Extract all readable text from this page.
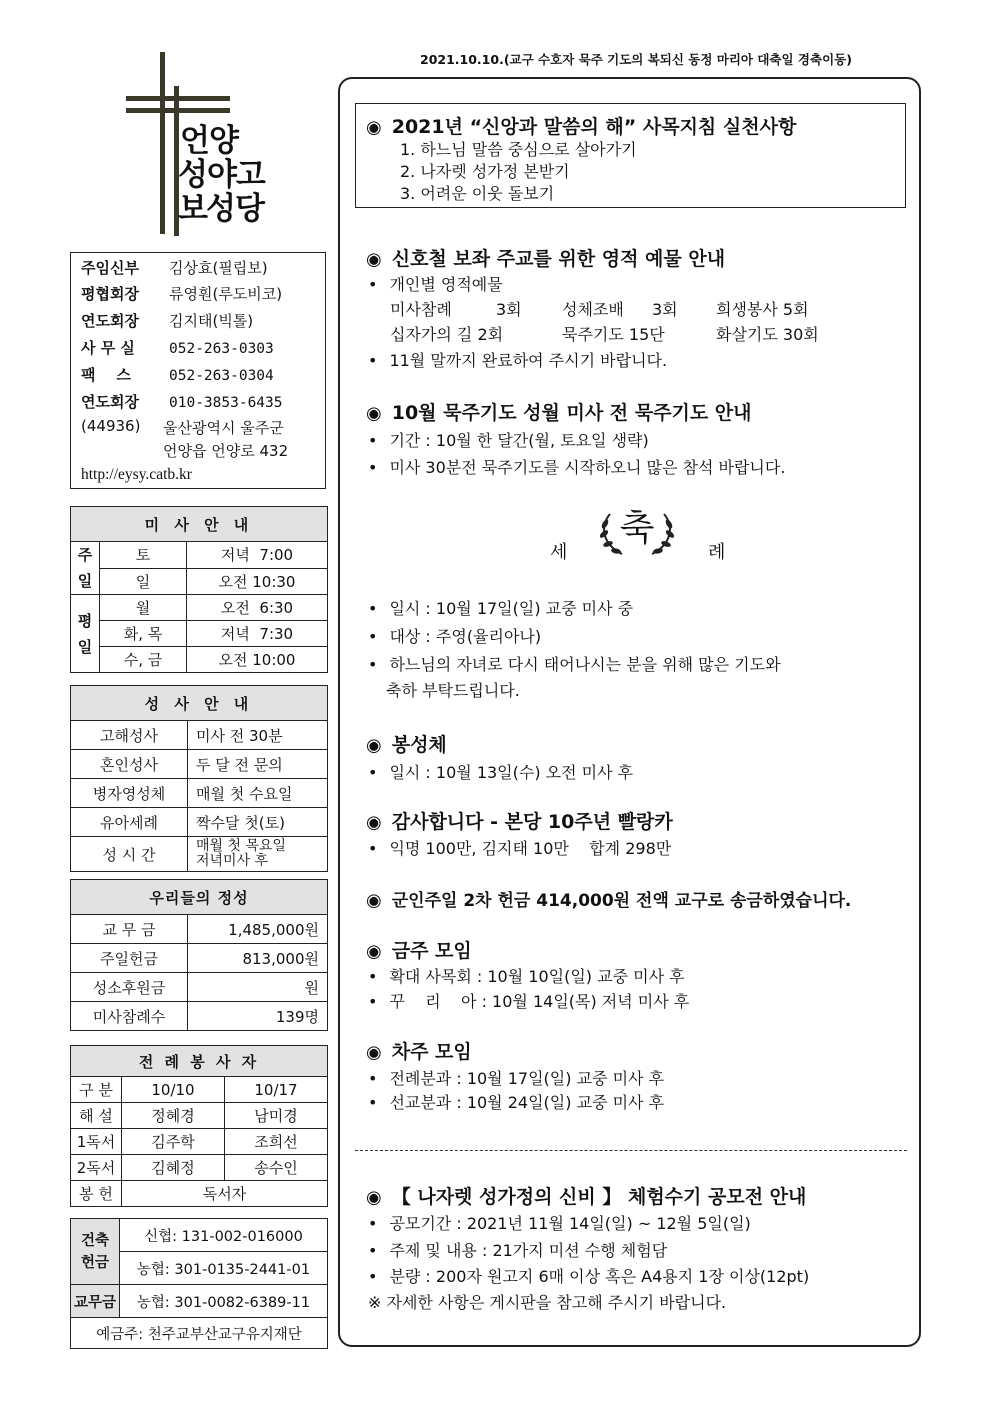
2021.10.10.(교구 수호자 묵주 기도의 복되신 동정 마리아 대축일 경축이동)
언양
성야고보 성당
주임신부 김상효(필립보)
평협회장 류영훤(루도비코)
연도회장 김지태(빅톨)
사 무 실 052-263-0303
팩    스	052-263-0304
연도회장 010-3853-6435
(44936) 울산광역시 울주군
언양읍 언양로 432
http://eysy.catb.kr
미 사 안 내		
주일	토	저녁  7:00
	일	오전 10:30
평일	월	오전  6:30
	화, 목	저녁  7:30
	수, 금	오전 10:00
성 사 안 내	
고해성사	미사 전 30분
혼인성사	두 달 전 문의
병자영성체	매월 첫 수요일
유아세례	짝수달 첫(토)
성 시 간	매월 첫 목요일
저녁미사 후
우리들의 정성	
교 무 금	1,485,000원
주일헌금	813,000원
성소후원금	원
미사참례수	139명
전 례 봉 사 자		
구 분	10/10	10/17
해 설	정혜경	남미경
1독서	김주학	조희선
2독서	김혜정	송수인
봉 헌	독서자	
건축
헌금	신협: 131-002-016000
	농협: 301-0135-2441-01
교무금	농협: 301-0082-6389-11
예금주: 천주교부산교구유지재단	
◉ 2021년 “신앙과 말씀의 해” 사목지침 실천사항
1. 하느님 말씀 중심으로 살아가기
2. 나자렛 성가정 본받기
3. 어려운 이웃 돌보기
◉ 신호철 보좌 주교를 위한 영적 예물 안내
• 개인별 영적예물
미사참례	3회	성체조배 3회 희생봉사 5회
십자가의 길 2회	묵주기도 15단	화살기도 30회
• 11월 말까지 완료하여 주시기 바랍니다.
◉ 10월 묵주기도 성월 미사 전 묵주기도 안내
• 기간 : 10월 한 달간(월, 토요일 생략)
• 미사 30분전 묵주기도를 시작하오니 많은 참석 바랍니다.
축
세	례
• 일시 : 10월 17일(일) 교중 미사 중
• 대상 : 주영(율리아나)
• 하느님의 자녀로 다시 태어나시는 분을 위해 많은 기도와
축하 부탁드립니다.
◉ 봉성체
• 일시 : 10월 13일(수) 오전 미사 후
◉ 감사합니다 - 본당 10주년 빨랑카
• 익명 100만, 김지태 10만    합계 298만
◉ 군인주일 2차 헌금 414,000원 전액 교구로 송금하였습니다.
◉ 금주 모임
• 확대 사목회 : 10월 10일(일) 교중 미사 후
• 꾸    리    아 : 10월 14일(목) 저녁 미사 후
◉ 차주 모임
• 전례분과 : 10월 17일(일) 교중 미사 후
• 선교분과 : 10월 24일(일) 교중 미사 후
◉ 【 나자렛 성가정의 신비 】 체험수기 공모전 안내
• 공모기간 : 2021년 11월 14일(일) ~ 12월 5일(일)
• 주제 및 내용 : 21가지 미션 수행 체험담
• 분량 : 200자 원고지 6매 이상 혹은 A4용지 1장 이상(12pt)
※ 자세한 사항은 게시판을 참고해 주시기 바랍니다.
